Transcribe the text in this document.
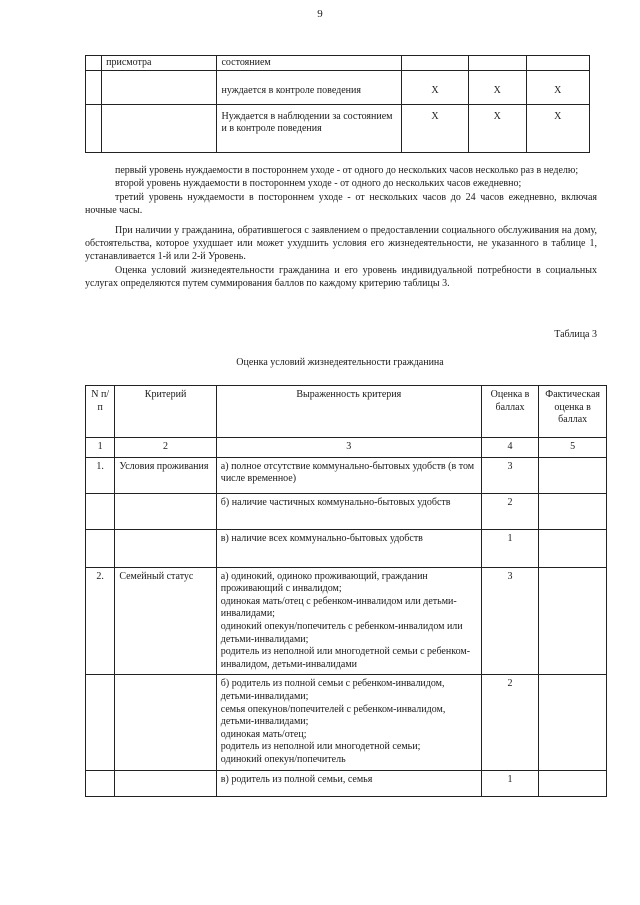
9
	присмотра	состоянием			
		нуждается в контроле поведения	X	X	X
		Нуждается в наблюдении за состоянием и в контроле поведения	X	X	X

первый уровень нуждаемости в постороннем уходе - от одного до нескольких часов несколько раз в неделю;

второй уровень нуждаемости в постороннем уходе - от одного до нескольких часов ежедневно;

третий уровень нуждаемости в постороннем уходе - от нескольких часов до 24 часов ежедневно, включая ночные часы.

При наличии у гражданина, обратившегося с заявлением о предоставлении социального обслуживания на дому, обстоятельства, которое ухудшает или может ухудшить условия его жизнедеятельности, не указанного в таблице 1, устанавливается 1-й или 2-й Уровень.

Оценка условий жизнедеятельности гражданина и его уровень индивидуальной потребности в социальных услугах определяются путем суммирования баллов по каждому критерию таблицы 3.

Таблица 3
Оценка условий жизнедеятельности гражданина
N п/п	Критерий	Выраженность критерия	Оценка в баллах	Фактическая оценка в баллах
1	2	3	4	5
1.	Условия проживания	а) полное отсутствие коммунально-бытовых удобств (в том числе временное)	3	
		б) наличие частичных коммунально-бытовых удобств	2	
		в) наличие всех коммунально-бытовых удобств	1	
2.	Семейный статус	а) одинокий, одиноко проживающий, гражданин проживающий с инвалидом;
одинокая мать/отец с ребенком-инвалидом или детьми-инвалидами;
одинокий опекун/попечитель с ребенком-инвалидом или детьми-инвалидами;
родитель из неполной или многодетной семьи с ребенком-инвалидом, детьми-инвалидами	3	

		б) родитель из полной семьи с ребенком-инвалидом, детьми-инвалидами;
семья опекунов/попечителей с ребенком-инвалидом, детьми-инвалидами;
одинокая мать/отец;
родитель из неполной или многодетной семьи;
одинокий опекун/попечитель	2	

		в) родитель из полной семьи, семья	1	
